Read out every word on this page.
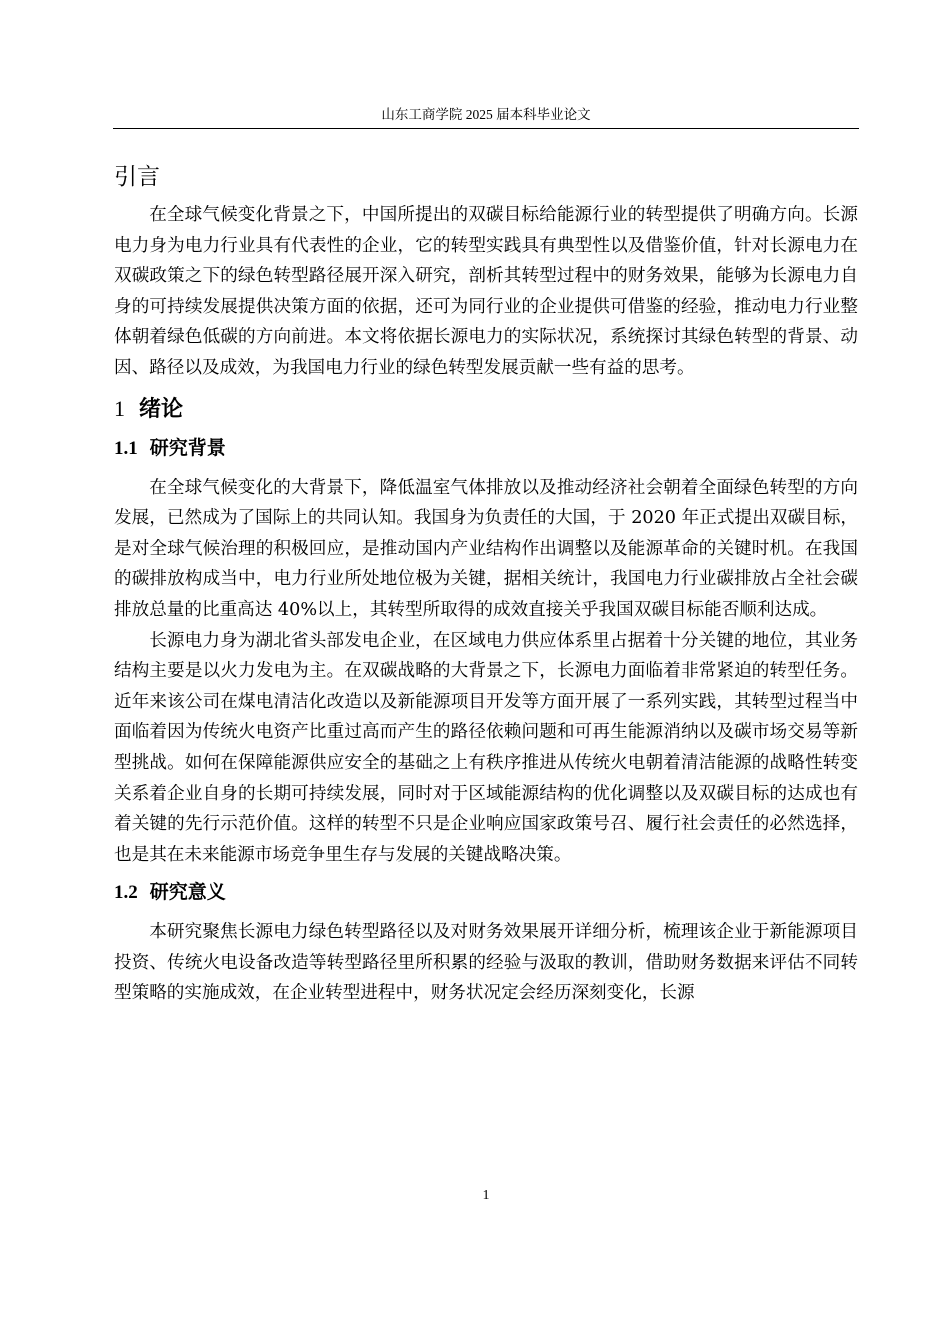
山东工商学院 2025 届本科毕业论文
引言

在全球气候变化背景之下，中国所提出的双碳目标给能源行业的转型提供了明确方向。长源电力身为电力行业具有代表性的企业，它的转型实践具有典型性以及借鉴价值，针对长源电力在双碳政策之下的绿色转型路径展开深入研究，剖析其转型过程中的财务效果，能够为长源电力自身的可持续发展提供决策方面的依据，还可为同行业的企业提供可借鉴的经验，推动电力行业整体朝着绿色低碳的方向前进。本文将依据长源电力的实际状况，系统探讨其绿色转型的背景、动因、路径以及成效，为我国电力行业的绿色转型发展贡献一些有益的思考。

1 绪论
1.1 研究背景

在全球气候变化的大背景下，降低温室气体排放以及推动经济社会朝着全面绿色转型的方向发展，已然成为了国际上的共同认知。我国身为负责任的大国，于 2020 年正式提出双碳目标，是对全球气候治理的积极回应，是推动国内产业结构作出调整以及能源革命的关键时机。在我国的碳排放构成当中，电力行业所处地位极为关键，据相关统计，我国电力行业碳排放占全社会碳排放总量的比重高达 40%以上，其转型所取得的成效直接关乎我国双碳目标能否顺利达成。

长源电力身为湖北省头部发电企业，在区域电力供应体系里占据着十分关键的地位，其业务结构主要是以火力发电为主。在双碳战略的大背景之下，长源电力面临着非常紧迫的转型任务。近年来该公司在煤电清洁化改造以及新能源项目开发等方面开展了一系列实践，其转型过程当中面临着因为传统火电资产比重过高而产生的路径依赖问题和可再生能源消纳以及碳市场交易等新型挑战。如何在保障能源供应安全的基础之上有秩序推进从传统火电朝着清洁能源的战略性转变关系着企业自身的长期可持续发展，同时对于区域能源结构的优化调整以及双碳目标的达成也有着关键的先行示范价值。这样的转型不只是企业响应国家政策号召、履行社会责任的必然选择，也是其在未来能源市场竞争里生存与发展的关键战略决策。

1.2 研究意义

本研究聚焦长源电力绿色转型路径以及对财务效果展开详细分析，梳理该企业于新能源项目投资、传统火电设备改造等转型路径里所积累的经验与汲取的教训，借助财务数据来评估不同转型策略的实施成效，在企业转型进程中，财务状况定会经历深刻变化，长源

1
